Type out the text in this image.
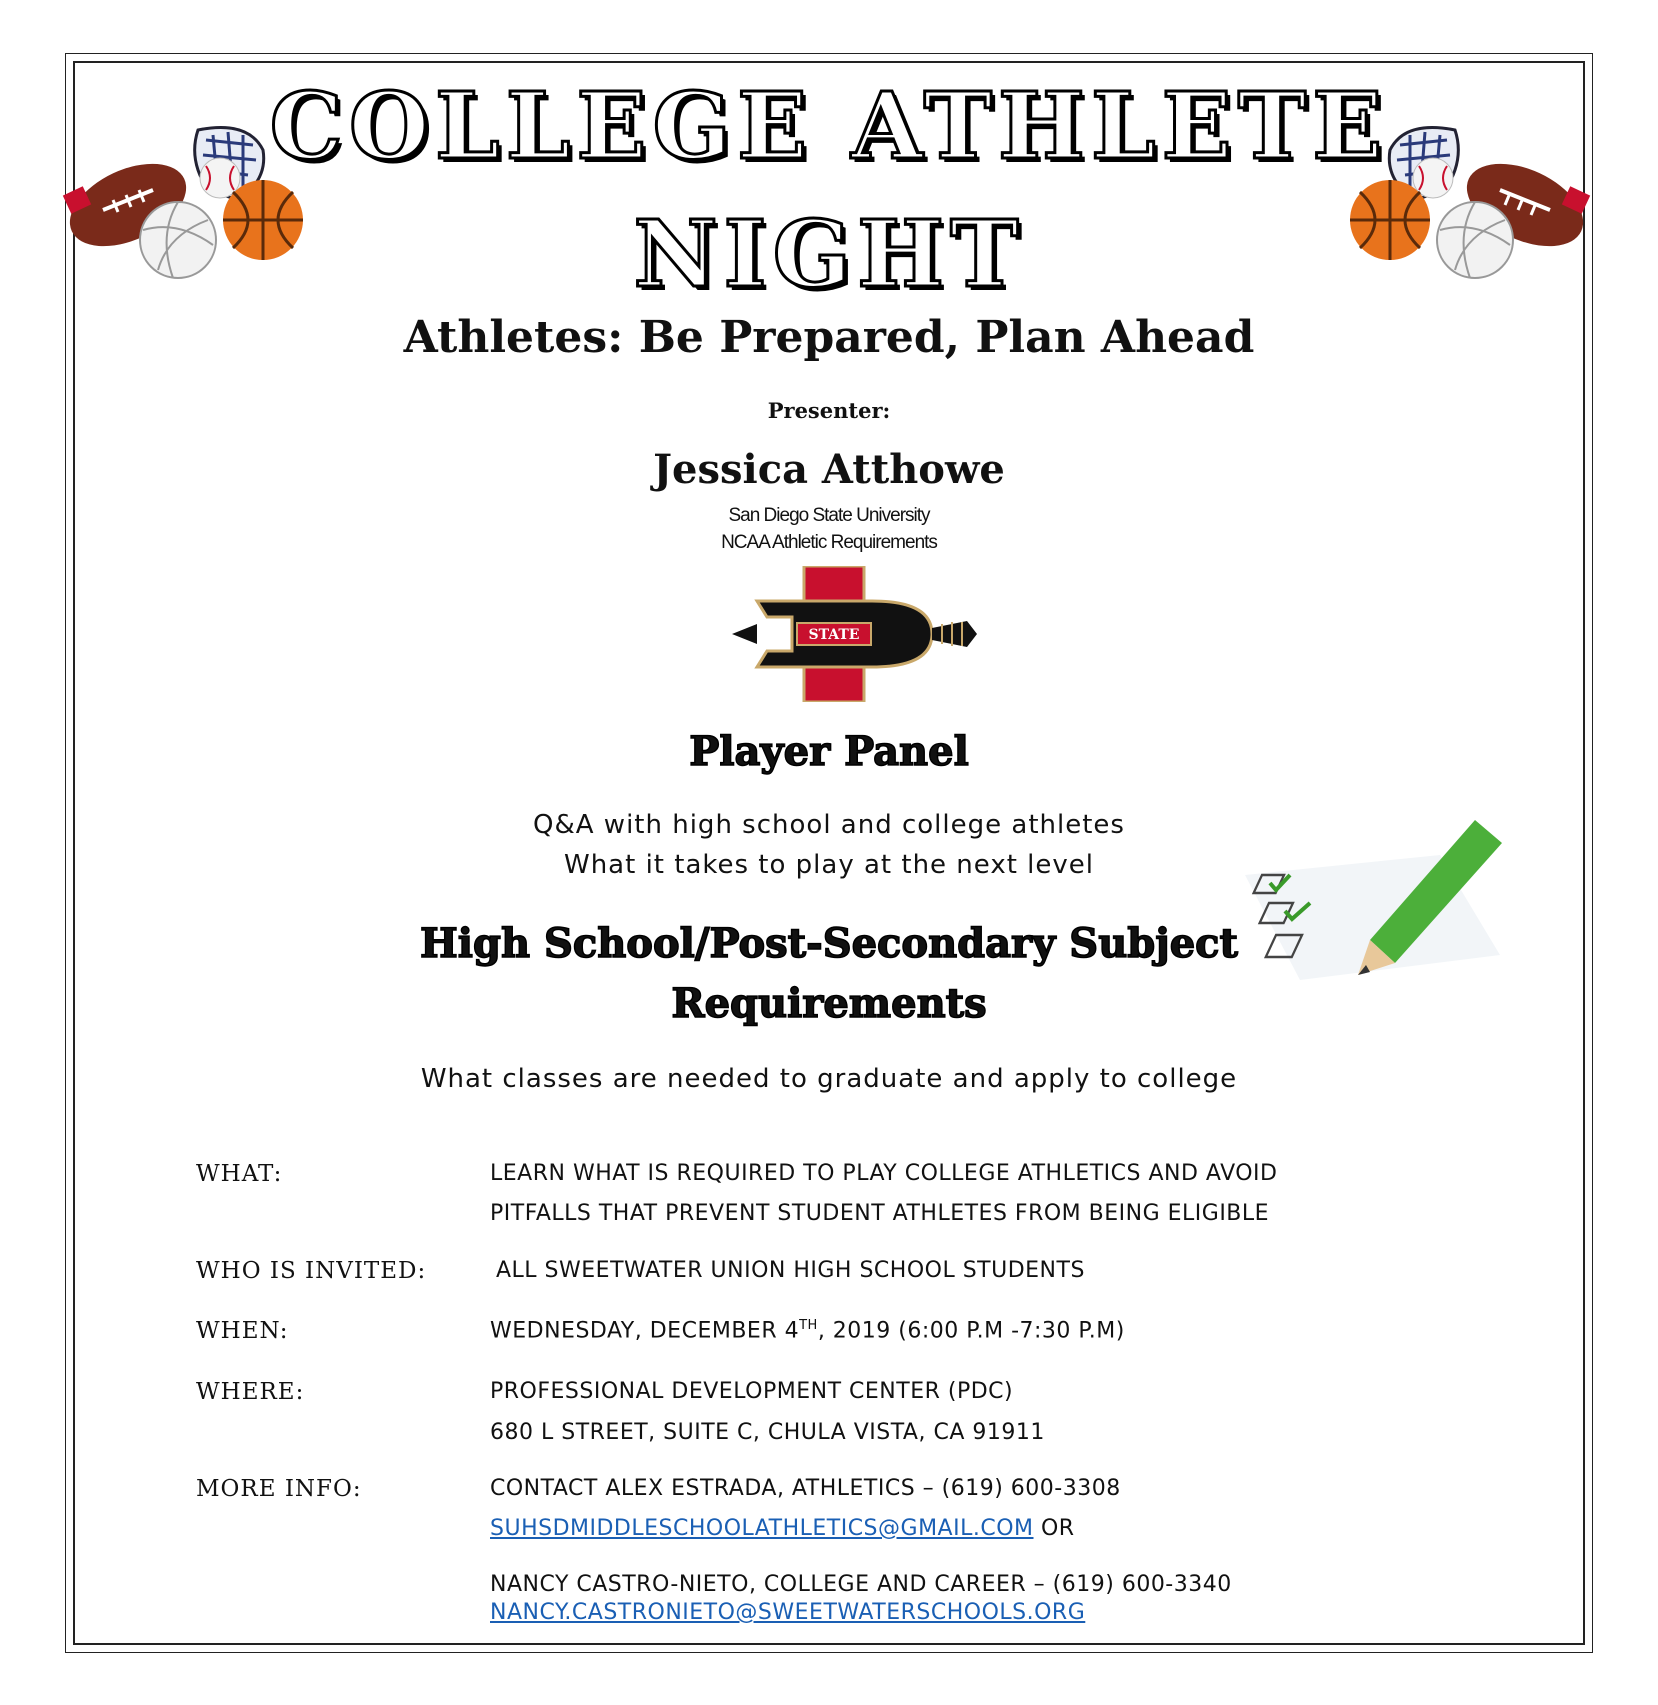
COLLEGE ATHLETE
NIGHT
Athletes: Be Prepared, Plan Ahead
Presenter:
Jessica Atthowe
San Diego State University
NCAA Athletic Requirements
STATE
Player Panel
Q&A with high school and college athletes
What it takes to play at the next level
High School/Post-Secondary Subject
Requirements
What classes are needed to graduate and apply to college
WHAT:	LEARN WHAT IS REQUIRED TO PLAY COLLEGE ATHLETICS AND AVOID
PITFALLS THAT PREVENT STUDENT ATHLETES FROM BEING ELIGIBLE
WHO IS INVITED:	ALL SWEETWATER UNION HIGH SCHOOL STUDENTS
WHEN:	WEDNESDAY, DECEMBER 4TH, 2019 (6:00 P.M -7:30 P.M)
WHERE:	PROFESSIONAL DEVELOPMENT CENTER (PDC)
680 L STREET, SUITE C, CHULA VISTA, CA 91911
MORE INFO:	CONTACT ALEX ESTRADA, ATHLETICS – (619) 600-3308
SUHSDMIDDLESCHOOLATHLETICS@GMAIL.COM OR
NANCY CASTRO-NIETO, COLLEGE AND CAREER – (619) 600-3340
NANCY.CASTRONIETO@SWEETWATERSCHOOLS.ORG
